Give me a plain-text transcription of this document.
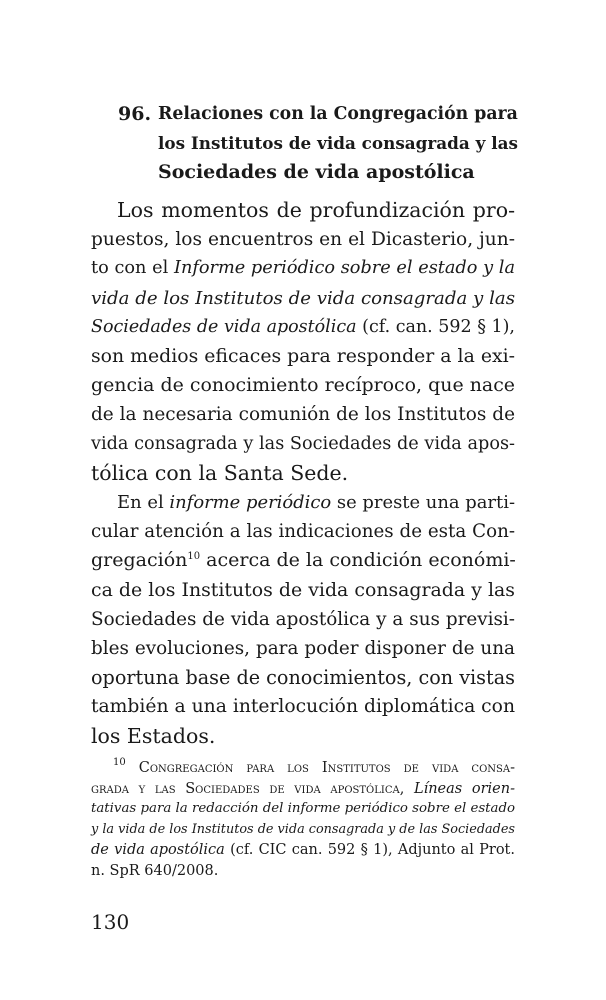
96. Relaciones con la Congregación para
los Institutos de vida consagrada y las
Sociedades de vida apostólica
Los momentos de profundización pro-
puestos, los encuentros en el Dicasterio, jun-
to con el Informe periódico sobre el estado y la
vida de los Institutos de vida consagrada y las
Sociedades de vida apostólica (cf. can. 592 § 1),
son medios eficaces para responder a la exi-
gencia de conocimiento recíproco, que nace
de la necesaria comunión de los Institutos de
vida consagrada y las Sociedades de vida apos-
tólica con la Santa Sede.
En el informe periódico se preste una parti-
cular atención a las indicaciones de esta Con-
gregación$^{10}$ acerca de la condición económi-
ca de los Institutos de vida consagrada y las
Sociedades de vida apostólica y a sus previsi-
bles evoluciones, para poder disponer de una
oportuna base de conocimientos, con vistas
también a una interlocución diplomática con
los Estados.
$^{10}$ Congregación para los Institutos de vida consa-
grada y las Sociedades de vida apostólica, Líneas orien-
tativas para la redacción del informe periódico sobre el estado
y la vida de los Institutos de vida consagrada y de las Sociedades
de vida apostólica (cf. CIC can. 592 § 1), Adjunto al Prot.
n. SpR 640/2008.
130
